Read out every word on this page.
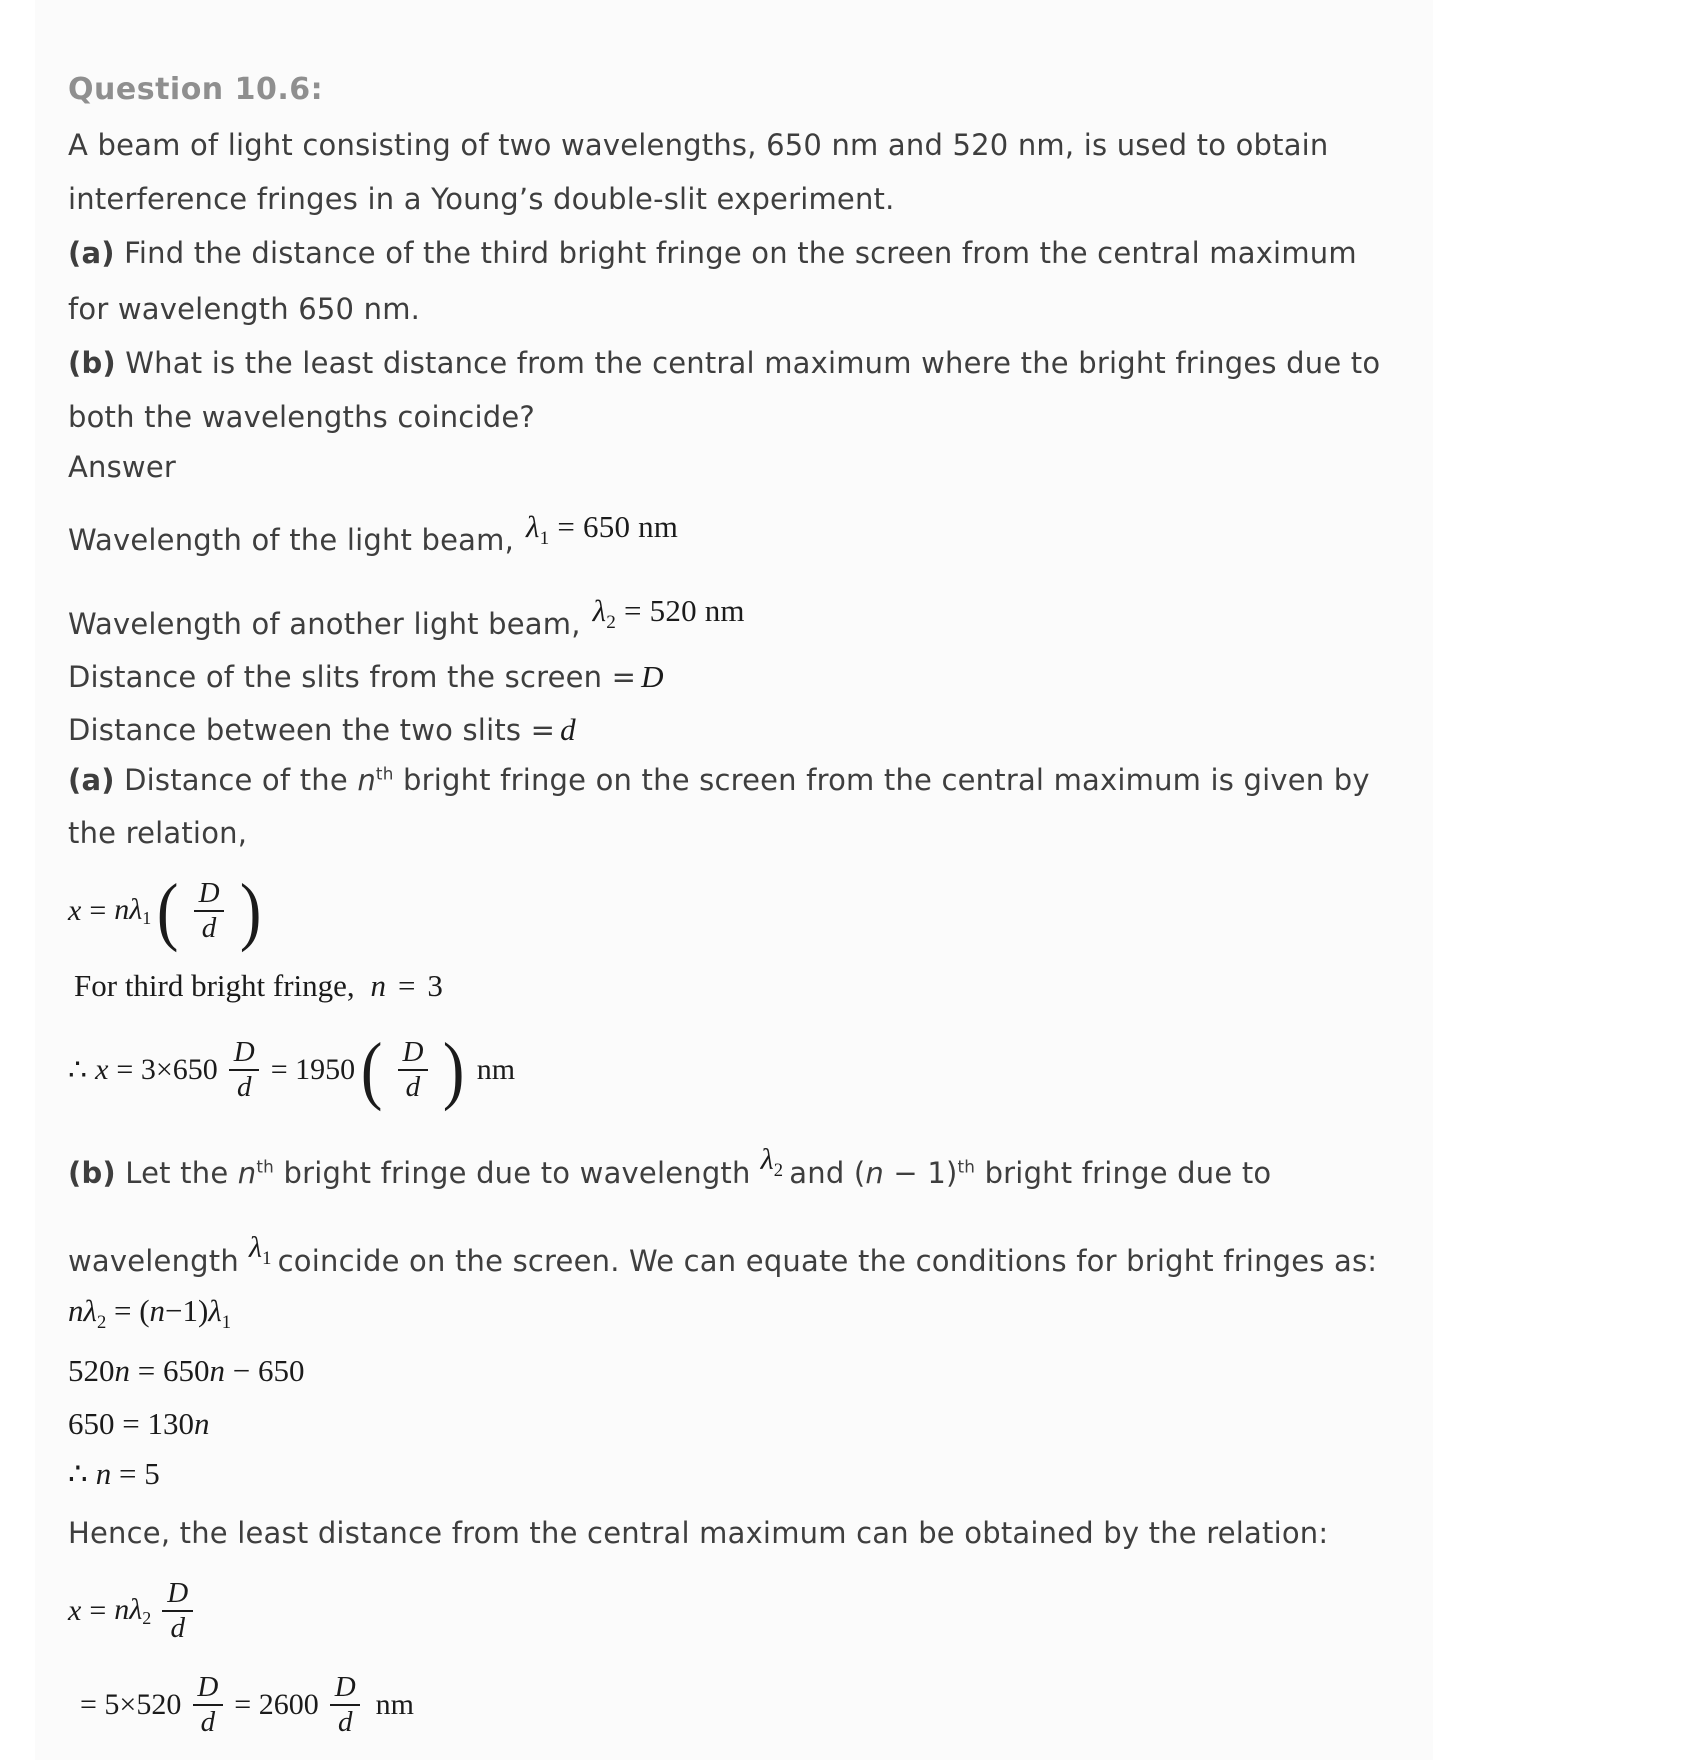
Question 10.6:
A beam of light consisting of two wavelengths, 650 nm and 520 nm, is used to obtain
interference fringes in a Young’s double-slit experiment.
(a) Find the distance of the third bright fringe on the screen from the central maximum
for wavelength 650 nm.
(b) What is the least distance from the central maximum where the bright fringes due to
both the wavelengths coincide?
Answer
Wavelength of the light beam, $\lambda_1 = 650$ nm
Wavelength of another light beam, $\lambda_2 = 520$ nm
Distance of the slits from the screen = D
Distance between the two slits = d
(a) Distance of the $n^{th}$ bright fringe on the screen from the central maximum is given by
the relation,
$x = n\lambda_1$ ( $\frac{D}{d}$ )
For third bright fringe, n = 3
∴ $x = 3\times 650 \frac{D}{d} = 1950$ ( $\frac{D}{d}$ ) nm
(b) Let the $n^{th}$ bright fringe due to wavelength $\lambda_2$ and $(n - 1)^{th}$ bright fringe due to
wavelength $\lambda_1$ coincide on the screen. We can equate the conditions for bright fringes as:
$n\lambda_2 = (n-1)\lambda_1$
520n = 650n − 650
650 = 130n
∴ n = 5
Hence, the least distance from the central maximum can be obtained by the relation:
$x = n\lambda_2 \frac{D}{d}$
= $5\times 520 \frac{D}{d} = 2600 \frac{D}{d}$ nm
